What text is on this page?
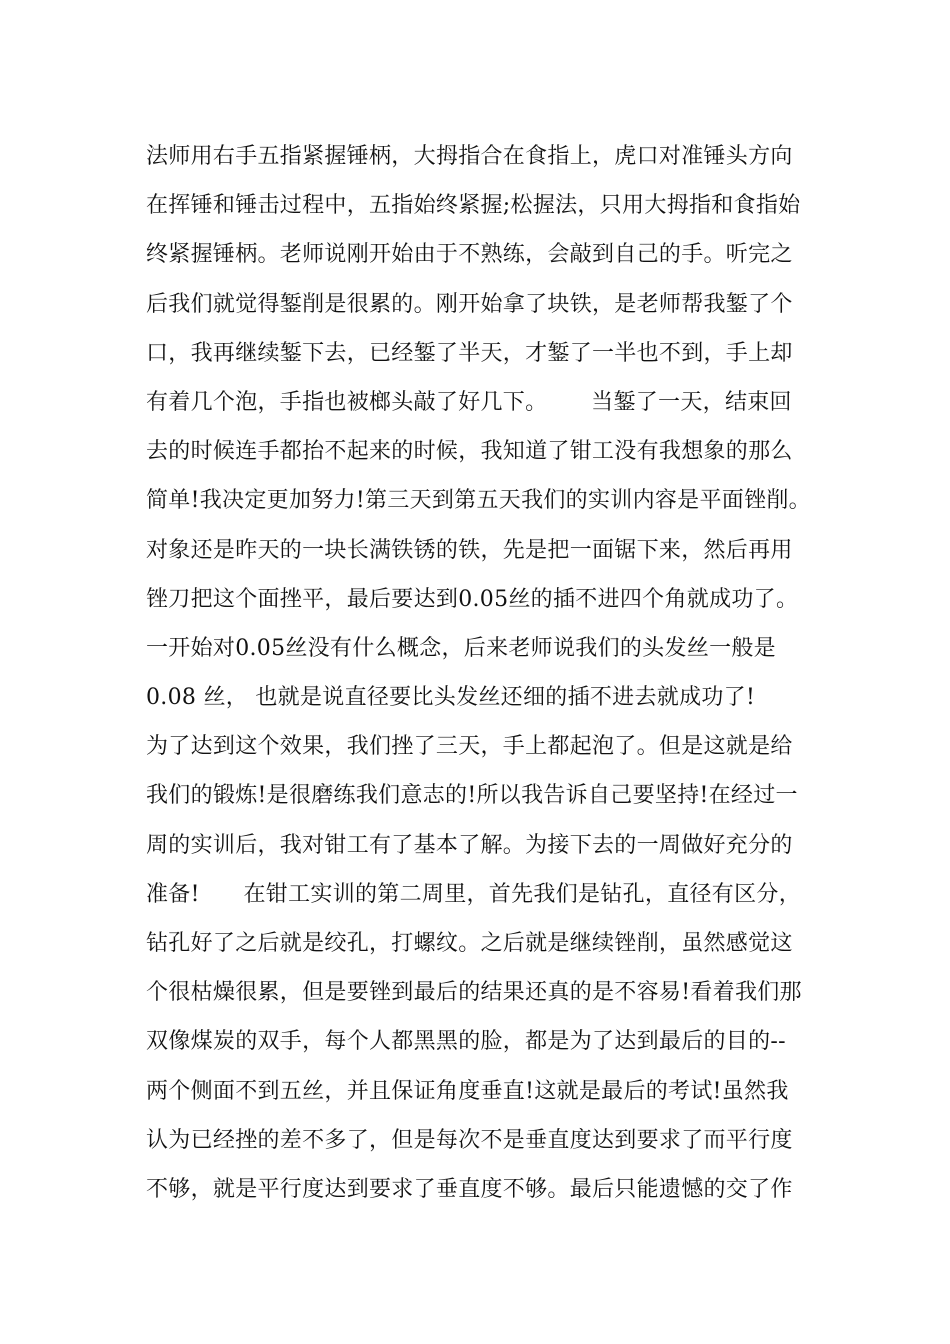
法师用右手五指紧握锤柄，大拇指合在食指上，虎口对准锤头方向
在挥锤和锤击过程中，五指始终紧握;松握法，只用大拇指和食指始
终紧握锤柄。老师说刚开始由于不熟练，会敲到自己的手。听完之
后我们就觉得錾削是很累的。刚开始拿了块铁，是老师帮我錾了个
口，我再继续錾下去，已经錾了半天，才錾了一半也不到，手上却
有着几个泡，手指也被榔头敲了好几下。      当錾了一天，结束回
去的时候连手都抬不起来的时候，我知道了钳工没有我想象的那么
简单!我决定更加努力!第三天到第五天我们的实训内容是平面锉削。
对象还是昨天的一块长满铁锈的铁，先是把一面锯下来，然后再用
锉刀把这个面挫平，最后要达到0.05丝的插不进四个角就成功了。
一开始对0.05丝没有什么概念，后来老师说我们的头发丝一般是
0.08 丝， 也就是说直径要比头发丝还细的插不进去就成功了!
为了达到这个效果，我们挫了三天，手上都起泡了。但是这就是给
我们的锻炼!是很磨练我们意志的!所以我告诉自己要坚持!在经过一
周的实训后，我对钳工有了基本了解。为接下去的一周做好充分的
准备!      在钳工实训的第二周里，首先我们是钻孔，直径有区分，
钻孔好了之后就是绞孔，打螺纹。之后就是继续锉削，虽然感觉这
个很枯燥很累，但是要锉到最后的结果还真的是不容易!看着我们那
双像煤炭的双手，每个人都黑黑的脸，都是为了达到最后的目的--
两个侧面不到五丝，并且保证角度垂直!这就是最后的考试!虽然我
认为已经挫的差不多了，但是每次不是垂直度达到要求了而平行度
不够，就是平行度达到要求了垂直度不够。最后只能遗憾的交了作
